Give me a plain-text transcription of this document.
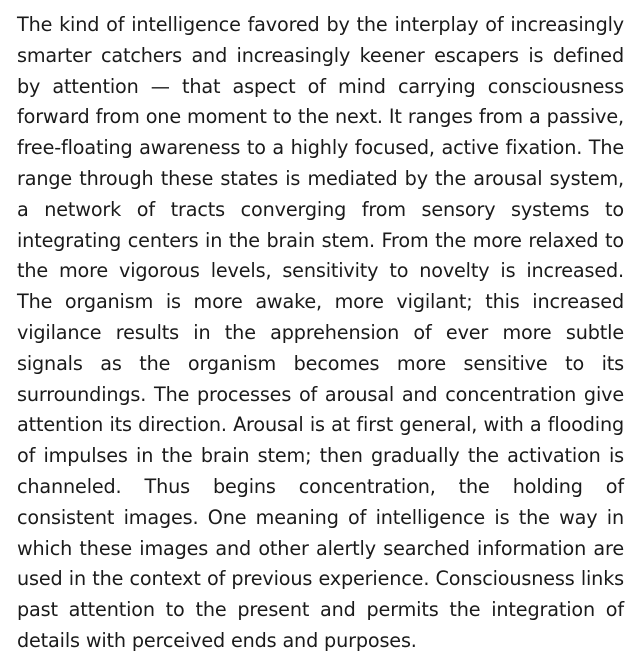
The kind of intelligence favored by the interplay of increasingly smarter catchers and increasingly keener escapers is defined by attention — that aspect of mind carrying consciousness forward from one moment to the next. It ranges from a passive, free-floating awareness to a highly focused, active fixation. The range through these states is mediated by the arousal system, a network of tracts converging from sensory systems to integrating centers in the brain stem. From the more relaxed to the more vigorous levels, sensitivity to novelty is increased. The organism is more awake, more vigilant; this increased vigilance results in the apprehension of ever more subtle signals as the organism becomes more sensitive to its surroundings. The processes of arousal and concentration give attention its direction. Arousal is at first general, with a flooding of impulses in the brain stem; then gradually the activation is channeled. Thus begins concentration, the holding of consistent images. One meaning of intelligence is the way in which these images and other alertly searched information are used in the context of previous experience. Consciousness links past attention to the present and permits the integration of details with perceived ends and purposes.
